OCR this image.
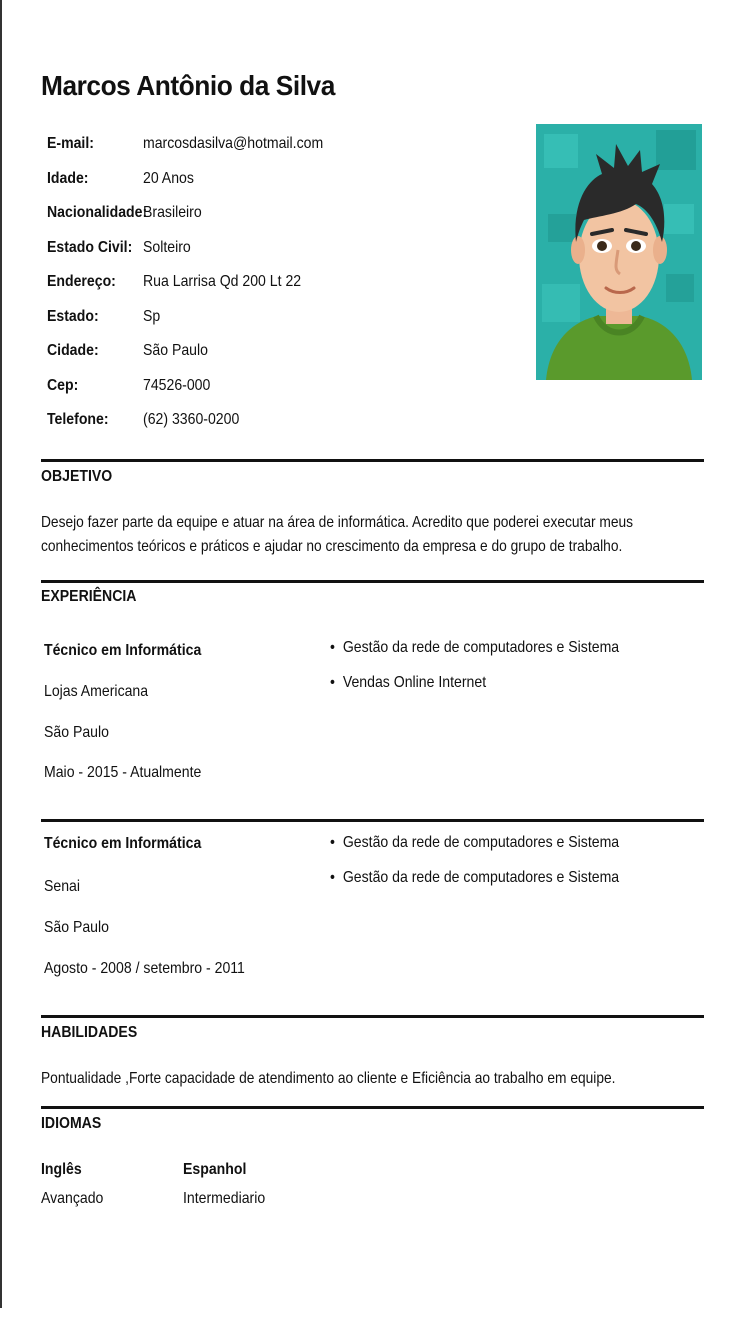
Marcos Antônio da Silva
E-mail:	marcosdasilva@hotmail.com
Idade:	20 Anos
Nacionalidade:
Brasileiro
Estado Civil: Solteiro
Endereço:	Rua Larrisa Qd 200 Lt 22
Estado:	Sp
Cidade:	São Paulo
Cep:	74526-000
Telefone:	(62) 3360-0200
OBJETIVO
Desejo fazer parte da equipe e atuar na área de informática. Acredito que poderei executar meus conhecimentos teóricos e práticos e ajudar no crescimento da empresa e do grupo de trabalho.
EXPERIÊNCIA
Técnico em Informática
Lojas Americana
São Paulo
Maio - 2015 - Atualmente
• Gestão da rede de computadores e Sistema
• Vendas Online Internet
Técnico em Informática
Senai
São Paulo
Agosto - 2008 / setembro - 2011
• Gestão da rede de computadores e Sistema
• Gestão da rede de computadores e Sistema
HABILIDADES
Pontualidade ,Forte capacidade de atendimento ao cliente e Eficiência ao trabalho em equipe.
IDIOMAS
Inglês
Avançado
Espanhol
Intermediario
